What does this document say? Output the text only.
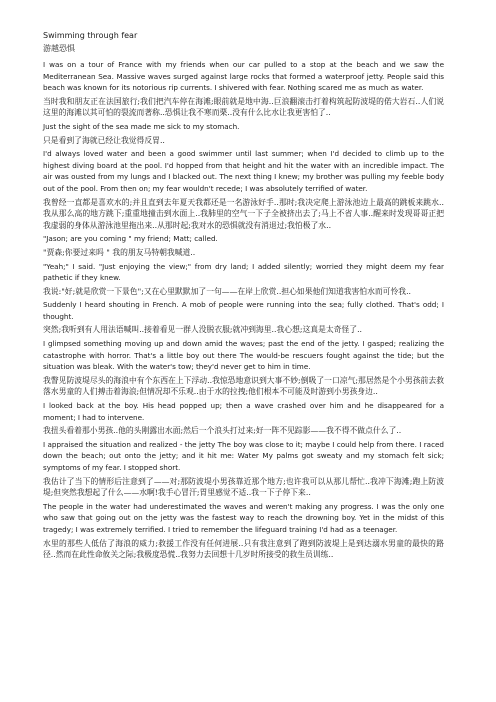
Swimming through fear
游越恐惧

I was on a tour of France with my friends when our car pulled to a stop at the beach and we saw the Mediterranean Sea. Massive waves surged against large rocks that formed a waterproof jetty. People said this beach was known for its notorious rip currents. I shivered with fear. Nothing scared me as much as water.

当时我和朋友正在法国旅行;我们把汽车停在海滩;眼前就是地中海..巨浪翻滚击打着构筑起防波堤的偌大岩石..人们说这里的海滩以其可怕的裂流而著称..恐惧让我不寒而栗..没有什么比水让我更害怕了..

Just the sight of the sea made me sick to my stomach.

只是看到了海就已经让我觉得反胃..

I'd always loved water and been a good swimmer until last summer; when I'd decided to climb up to the highest diving board at the pool. I'd hopped from that height and hit the water with an incredible impact. The air was ousted from my lungs and I blacked out. The next thing I knew; my brother was pulling my feeble body out of the pool. From then on; my fear wouldn't recede; I was absolutely terrified of water.

我曾经一直都是喜欢水的;并且直到去年夏天我都还是一名游泳好手..那时;我决定爬上游泳池边上最高的跳板来跳水..我从那么高的地方跳下;重重地撞击到水面上..我肺里的空气一下子全被挤出去了;马上不省人事..醒来时发现哥哥正把我虚弱的身体从游泳池里拖出来..从那时起;我对水的恐惧就没有消退过;我怕极了水..

"Jason; are you coming " my friend; Matt; called.

"贾森;你要过来吗 " 我的朋友马特朝我喊道..

"Yeah;" I said. "Just enjoying the view;" from dry land; I added silently; worried they might deem my fear pathetic if they knew.

我说:"好;就是欣赏一下景色";又在心里默默加了一句——在岸上欣赏..担心如果他们知道我害怕水而可怜我..

Suddenly I heard shouting in French. A mob of people were running into the sea; fully clothed. That's odd; I thought.

突然;我听到有人用法语喊叫..接着看见一群人没脱衣服;就冲到海里..我心想;这真是太奇怪了..

I glimpsed something moving up and down amid the waves; past the end of the jetty. I gasped; realizing the catastrophe with horror. That's a little boy out there The would-be rescuers fought against the tide; but the situation was bleak. With the water's tow; they'd never get to him in time.

我瞥见防波堤尽头的海浪中有个东西在上下浮动..我惊恐地意识到大事不妙;倒吸了一口凉气;那居然是个小男孩前去救落水男童的人们搏击着海浪;但情况却不乐观..由于水的拉拽;他们根本不可能及时游到小男孩身边..

I looked back at the boy. His head popped up; then a wave crashed over him and he disappeared for a moment; I had to intervene.

我扭头看着那小男孩..他的头刚露出水面;然后一个浪头打过来;好一阵不见踪影——我不得不做点什么了..

I appraised the situation and realized - the jetty The boy was close to it; maybe I could help from there. I raced down the beach; out onto the jetty; and it hit me: Water My palms got sweaty and my stomach felt sick; symptoms of my fear. I stopped short.

我估计了当下的情形后注意到了——对;那防波堤小男孩靠近那个地方;也许我可以从那儿帮忙..我冲下海滩;跑上防波堤;但突然我想起了什么——水啊!我手心冒汗;胃里感觉不适..我一下子停下来..

The people in the water had underestimated the waves and weren't making any progress. I was the only one who saw that going out on the jetty was the fastest way to reach the drowning boy. Yet in the midst of this tragedy; I was extremely terrified. I tried to remember the lifeguard training I'd had as a teenager.

水里的那些人低估了海浪的威力;救援工作没有任何进展..只有我注意到了跑到防波堤上是到达溺水男童的最快的路径..然而在此性命攸关之际;我极度恐慌..我努力去回想十几岁时所接受的救生员训练..
